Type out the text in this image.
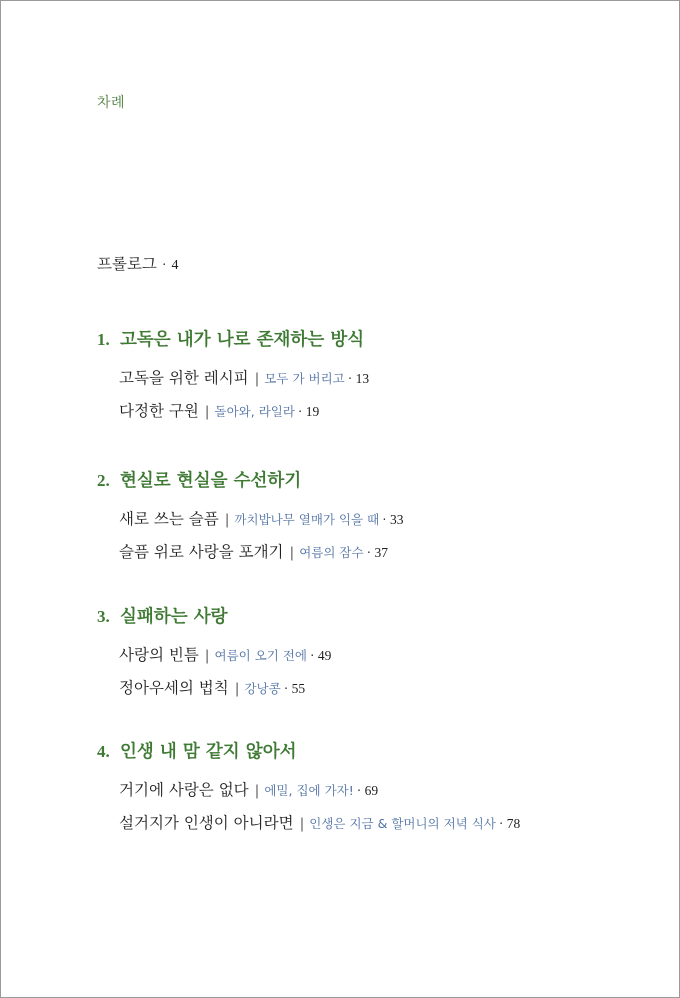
차례
프롤로그 · 4
1. 고독은 내가 나로 존재하는 방식
고독을 위한 레시피 | 모두 가 버리고 · 13
다정한 구원 | 돌아와, 라일라 · 19
2. 현실로 현실을 수선하기
새로 쓰는 슬픔 | 까치밥나무 열매가 익을 때 · 33
슬픔 위로 사랑을 포개기 | 여름의 잠수 · 37
3. 실패하는 사랑
사랑의 빈틈 | 여름이 오기 전에 · 49
정아우세의 법칙 | 강낭콩 · 55
4. 인생 내 맘 같지 않아서
거기에 사랑은 없다 | 에밀, 집에 가자! · 69
설거지가 인생이 아니라면 | 인생은 지금 & 할머니의 저녁 식사 · 78
